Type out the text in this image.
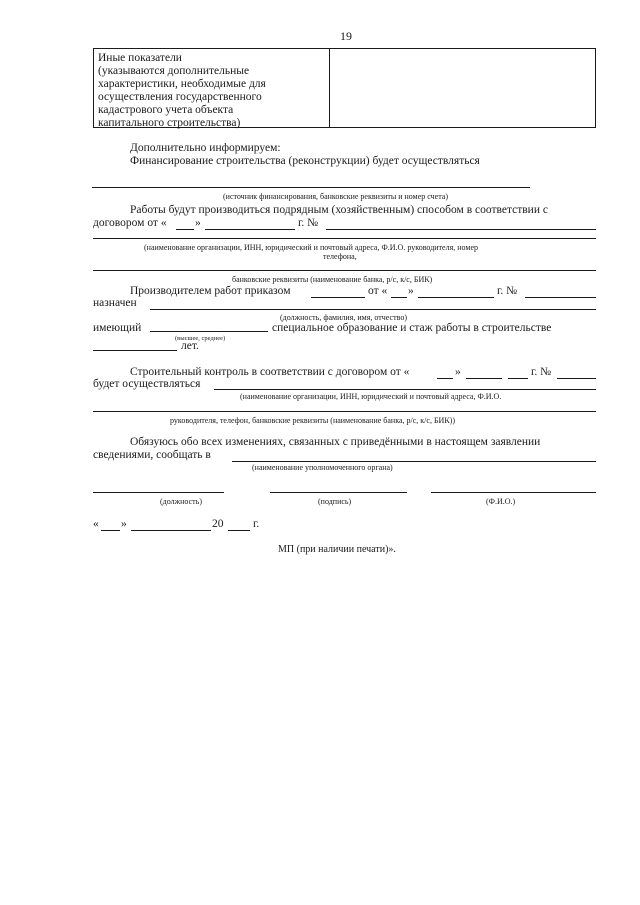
19
Иные показатели
(указываются дополнительные
характеристики, необходимые для
осуществления государственного
кадастрового учета объекта
капитального строительства)
Дополнительно информируем:
Финансирование строительства (реконструкции) будет осуществляться
(источник финансирования, банковские реквизиты и номер счета)
Работы будут производиться подрядным (хозяйственным) способом в соответствии с
договором от « »	г. №
(наименование организации, ИНН, юридический и почтовый адреса, Ф.И.О. руководителя, номер
телефона,
банковские реквизиты (наименование банка, р/с, к/с, БИК)
Производителем работ приказом	от « »	г. №
назначен
(должность, фамилия, имя, отчество)
имеющий	специальное образование и стаж работы в строительстве
(высшее, среднее)
лет.
Строительный контроль в соответствии с договором от «	»	г. №
будет осуществляться
(наименование организации, ИНН, юридический и почтовый адреса, Ф.И.О.
руководителя, телефон, банковские реквизиты (наименование банка, р/с, к/с, БИК))
Обязуюсь обо всех изменениях, связанных с приведёнными в настоящем заявлении
сведениями, сообщать в
(наименование уполномоченного органа)
(должность)	(подпись)	(Ф.И.О.)
« »	20	г.
МП (при наличии печати)».
